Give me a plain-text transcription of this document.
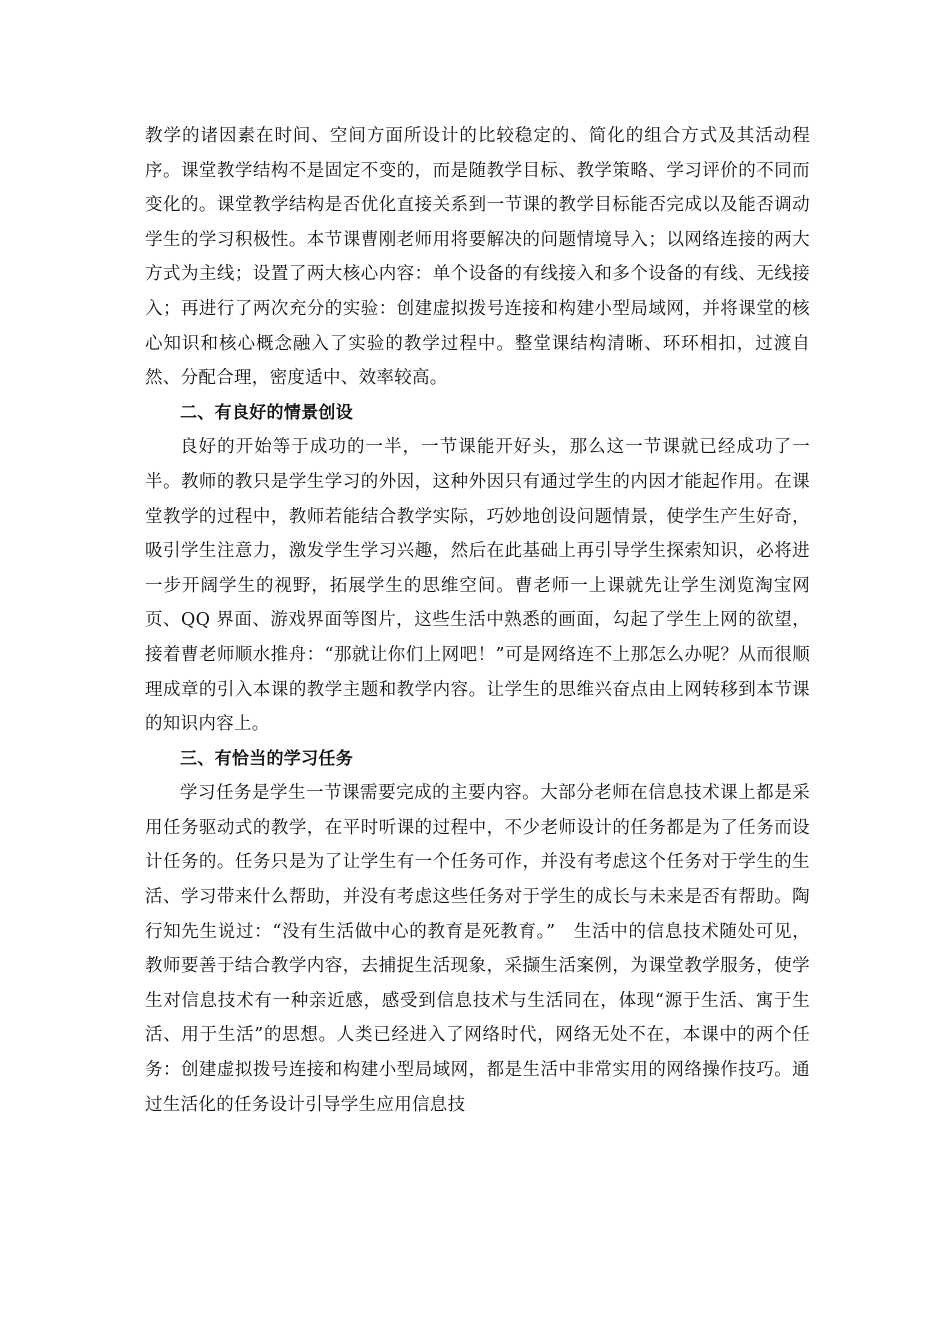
教学的诸因素在时间、空间方面所设计的比较稳定的、简化的组合方式及其活动程序。课堂教学结构不是固定不变的，而是随教学目标、教学策略、学习评价的不同而变化的。课堂教学结构是否优化直接关系到一节课的教学目标能否完成以及能否调动学生的学习积极性。本节课曹刚老师用将要解决的问题情境导入；以网络连接的两大方式为主线；设置了两大核心内容：单个设备的有线接入和多个设备的有线、无线接入；再进行了两次充分的实验：创建虚拟拨号连接和构建小型局域网，并将课堂的核心知识和核心概念融入了实验的教学过程中。整堂课结构清晰、环环相扣，过渡自然、分配合理，密度适中、效率较高。

二、有良好的情景创设

良好的开始等于成功的一半，一节课能开好头，那么这一节课就已经成功了一半。教师的教只是学生学习的外因，这种外因只有通过学生的内因才能起作用。在课堂教学的过程中，教师若能结合教学实际，巧妙地创设问题情景，使学生产生好奇，吸引学生注意力，激发学生学习兴趣，然后在此基础上再引导学生探索知识，必将进一步开阔学生的视野，拓展学生的思维空间。曹老师一上课就先让学生浏览淘宝网页、QQ 界面、游戏界面等图片，这些生活中熟悉的画面，勾起了学生上网的欲望，接着曹老师顺水推舟：“那就让你们上网吧！”可是网络连不上那怎么办呢？从而很顺理成章的引入本课的教学主题和教学内容。让学生的思维兴奋点由上网转移到本节课的知识内容上。

三、有恰当的学习任务

学习任务是学生一节课需要完成的主要内容。大部分老师在信息技术课上都是采用任务驱动式的教学，在平时听课的过程中，不少老师设计的任务都是为了任务而设计任务的。任务只是为了让学生有一个任务可作，并没有考虑这个任务对于学生的生活、学习带来什么帮助，并没有考虑这些任务对于学生的成长与未来是否有帮助。陶行知先生说过：“没有生活做中心的教育是死教育。”　生活中的信息技术随处可见，教师要善于结合教学内容，去捕捉生活现象，采撷生活案例，为课堂教学服务，使学生对信息技术有一种亲近感，感受到信息技术与生活同在，体现“源于生活、寓于生活、用于生活”的思想。人类已经进入了网络时代，网络无处不在，本课中的两个任务：创建虚拟拨号连接和构建小型局域网，都是生活中非常实用的网络操作技巧。通过生活化的任务设计引导学生应用信息技
